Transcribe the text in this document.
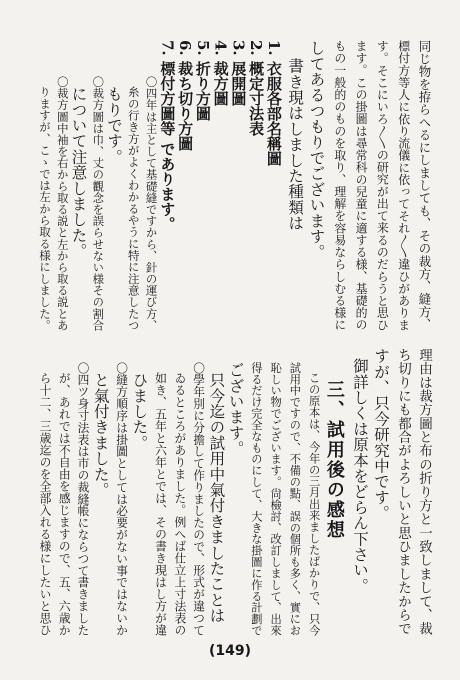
同じ物を拵らへるにしましても、その裁方、縫方、
標付方等人に依り流儀に依ってそれ〳〵違ひがありま
す。そこにいろ〳〵の研究が出て来るのだらうと思ひ
ます。この掛圖は尋常科の兒童に適する様、基礎的の
もの一般的のものを取り、理解を容易ならしむる様に
してあるつもりでございます。
書き現はしました種類は
1. 衣服各部名稱圖
2. 概定寸法表
3. 展開圖
4. 裁方圖
5. 折り方圖
6. 裁ち切り方圖
7. 標付方圖等 であります。
〇四年は主として基礎縫ですから、針の運び方、
糸の行き方がよくわかるやうに特に注意したつ
もりです。
〇裁方圖は巾、丈の觀念を誤らせない様その割合
について注意しました。
〇裁方圖中袖を右から取る説と左から取る説とあ
りますが、こゝでは左から取る様にしました。
理由は裁方圖と布の折り方と一致しまして、裁
ち切りにも都合がよろしいと思ひましたからで
すが、只今研究中です。
御詳しくは原本をどらん下さい。
三、試用後の感想
この原本は、今年の三月出来ましたばかりで、只今
試用中ですので、不備の點、誤の個所も多く、實にお
恥しい物でございます。尙檢討、改訂しまして、出來
得るだけ完全なものにして、大きな掛圖に作る計劃で
ございます。
只今迄の試用中氣付きましたことは
〇學年別に分擔して作りましたので、形式が違つて
ゐるところがありました。例へば仕立上寸法表の
如き、五年と六年とでは、その書き現はし方が違
ひました。
〇縫方順序は掛圖としては必要がない事ではないか
と氣付きました。
〇四ツ身寸法表は市の裁縫帳にならつて書きました
が、あれでは不自由を感じますので、五、六歳か
ら十二、三歳迄のを全部入れる様にしたいと思ひ
(149)
